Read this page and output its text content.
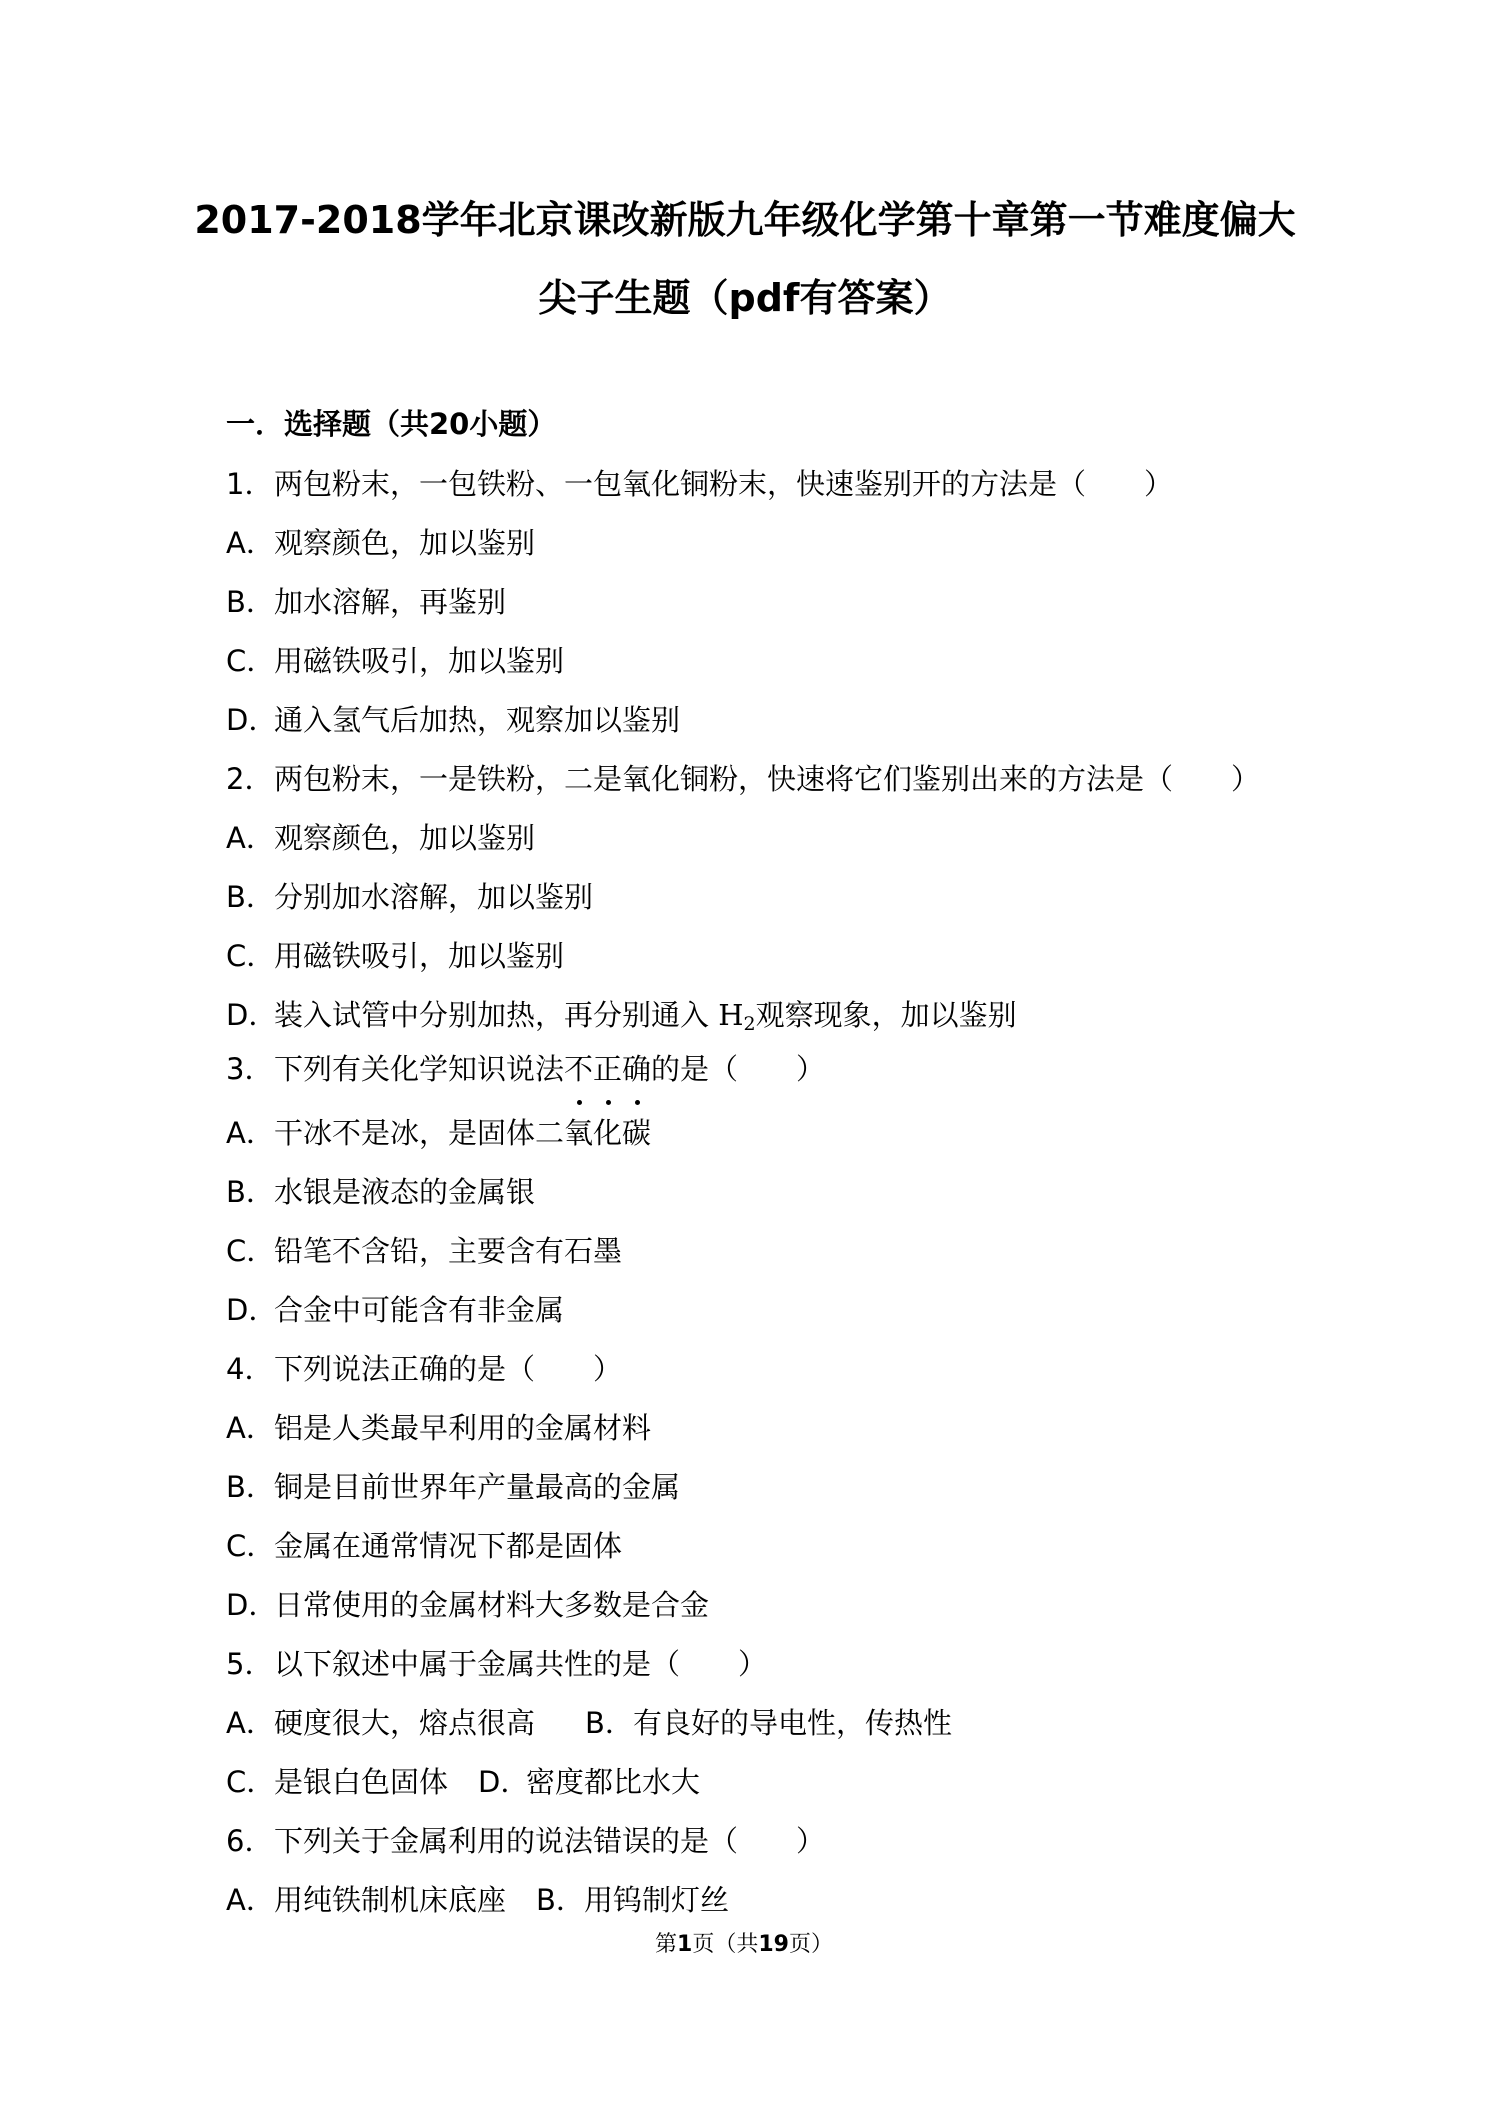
2017-2018学年北京课改新版九年级化学第十章第一节难度偏大
尖子生题（pdf有答案）
一．选择题（共20小题）
1．两包粉末，一包铁粉、一包氧化铜粉末，快速鉴别开的方法是（　　）
A．观察颜色，加以鉴别
B．加水溶解，再鉴别
C．用磁铁吸引，加以鉴别
D．通入氢气后加热，观察加以鉴别
2．两包粉末，一是铁粉，二是氧化铜粉，快速将它们鉴别出来的方法是（　　）
A．观察颜色，加以鉴别
B．分别加水溶解，加以鉴别
C．用磁铁吸引，加以鉴别
D．装入试管中分别加热，再分别通入 $H_2$观察现象，加以鉴别
3．下列有关化学知识说法不正确
的是（　　）
A．干冰不是冰，是固体二氧化碳
B．水银是液态的金属银
C．铅笔不含铅，主要含有石墨
D．合金中可能含有非金属
4．下列说法正确的是（　　）
A．铝是人类最早利用的金属材料
B．铜是目前世界年产量最高的金属
C．金属在通常情况下都是固体
D．日常使用的金属材料大多数是合金
5．以下叙述中属于金属共性的是（　　）
A．硬度很大，熔点很高 B．有良好的导电性，传热性
C．是银白色固体 D．密度都比水大
6．下列关于金属利用的说法错误的是（　　）
A．用纯铁制机床底座 B．用钨制灯丝
第1页（共19页）
